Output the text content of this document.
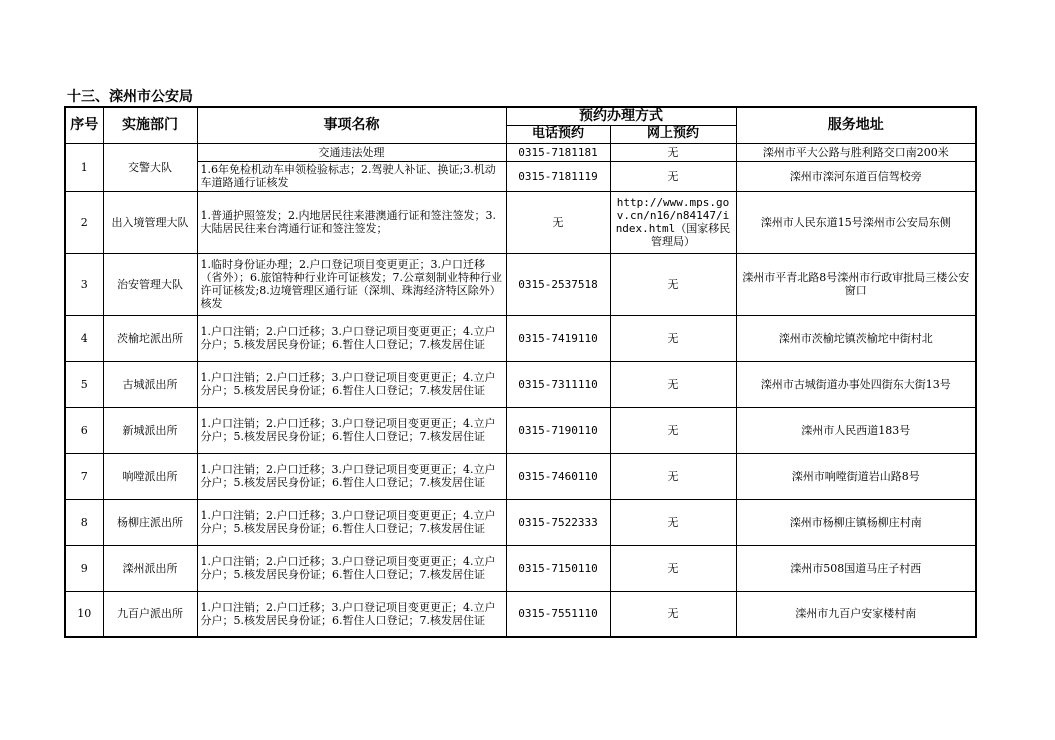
十三、滦州市公安局
序号	实施部门	事项名称	预约办理方式		服务地址
			电话预约	网上预约	
1	交警大队	交通违法处理	0315-7181181	无	滦州市平大公路与胜利路交口南200米
		1.6年免检机动车申领检验标志；2.驾驶人补证、换证;3.机动车道路通行证核发	0315-7181119	无	滦州市滦河东道百信驾校旁
2	出入境管理大队	1.普通护照签发；2.内地居民往来港澳通行证和签注签发；3.大陆居民往来台湾通行证和签注签发；	无	http://www.mps.gov.cn/n16/n84147/index.html（国家移民管理局）	滦州市人民东道15号滦州市公安局东侧
3	治安管理大队	1.临时身份证办理；2.户口登记项目变更更正；3.户口迁移（省外）；6.旅馆特种行业许可证核发；7.公章刻制业特种行业许可证核发;8.边境管理区通行证（深圳、珠海经济特区除外）核发	0315-2537518	无	滦州市平青北路8号滦州市行政审批局三楼公安窗口
4	茨榆坨派出所	1.户口注销；2.户口迁移；3.户口登记项目变更更正；4.立户分户；5.核发居民身份证；6.暂住人口登记；7.核发居住证	0315-7419110	无	滦州市茨榆坨镇茨榆坨中街村北
5	古城派出所	1.户口注销；2.户口迁移；3.户口登记项目变更更正；4.立户分户；5.核发居民身份证；6.暂住人口登记；7.核发居住证	0315-7311110	无	滦州市古城街道办事处四街东大街13号
6	新城派出所	1.户口注销；2.户口迁移；3.户口登记项目变更更正；4.立户分户；5.核发居民身份证；6.暂住人口登记；7.核发居住证	0315-7190110	无	滦州市人民西道183号
7	响嘡派出所	1.户口注销；2.户口迁移；3.户口登记项目变更更正；4.立户分户；5.核发居民身份证；6.暂住人口登记；7.核发居住证	0315-7460110	无	滦州市响嘡街道岩山路8号
8	杨柳庄派出所	1.户口注销；2.户口迁移；3.户口登记项目变更更正；4.立户分户；5.核发居民身份证；6.暂住人口登记；7.核发居住证	0315-7522333	无	滦州市杨柳庄镇杨柳庄村南
9	滦州派出所	1.户口注销；2.户口迁移；3.户口登记项目变更更正；4.立户分户；5.核发居民身份证；6.暂住人口登记；7.核发居住证	0315-7150110	无	滦州市508国道马庄子村西
10	九百户派出所	1.户口注销；2.户口迁移；3.户口登记项目变更更正；4.立户分户；5.核发居民身份证；6.暂住人口登记；7.核发居住证	0315-7551110	无	滦州市九百户安家楼村南
